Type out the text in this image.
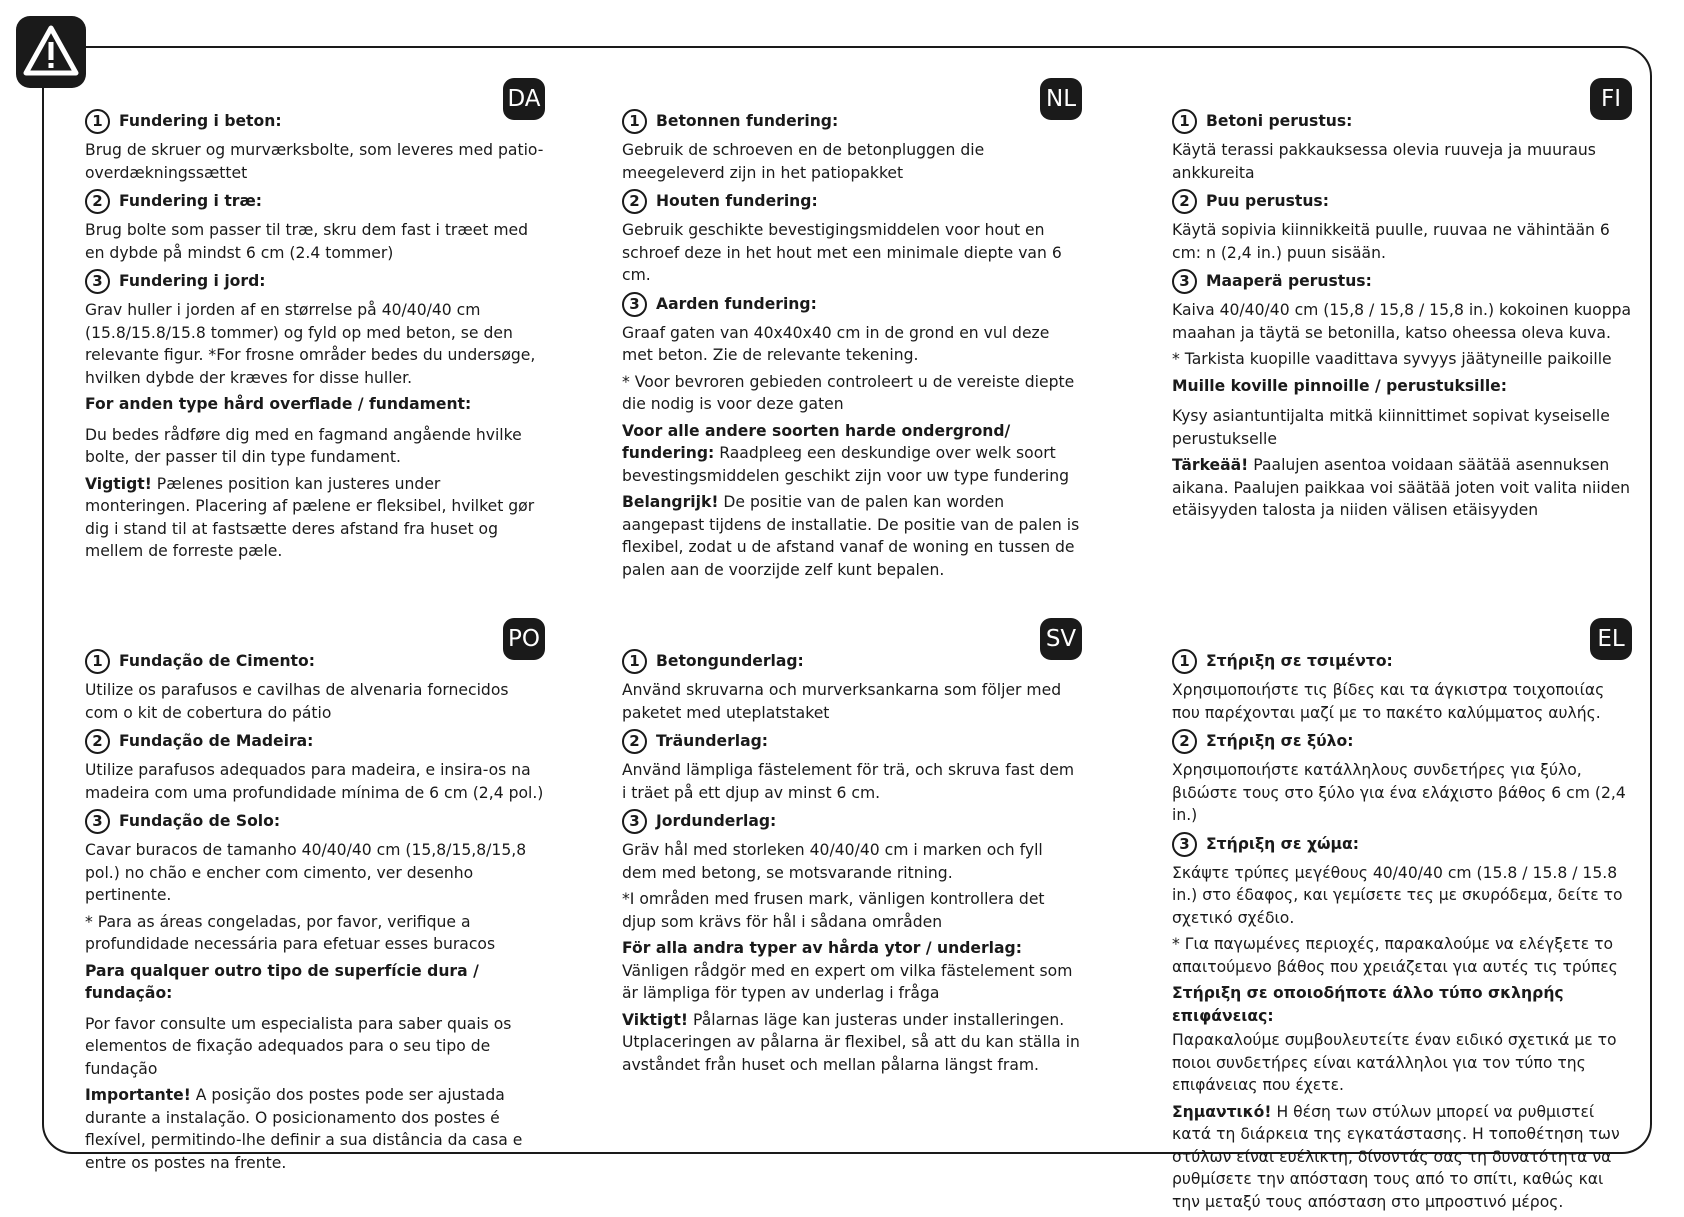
DA
1	Fundering i beton:
Brug de skruer og murværksbolte, som leveres med patio-overdækningssættet
2	Fundering i træ:
Brug bolte som passer til træ, skru dem fast i træet med en dybde på mindst 6 cm (2.4 tommer)
3	Fundering i jord:
Grav huller i jorden af en størrelse på 40/40/40 cm (15.8/15.8/15.8 tommer) og fyld op med beton, se den relevante figur. *For frosne områder bedes du undersøge, hvilken dybde der kræves for disse huller.
For anden type hård overflade / fundament:
Du bedes rådføre dig med en fagmand angående hvilke bolte, der passer til din type fundament.
Vigtigt! Pælenes position kan justeres under monteringen. Placering af pælene er fleksibel, hvilket gør dig i stand til at fastsætte deres afstand fra huset og mellem de forreste pæle.
NL
1	Betonnen fundering:
Gebruik de schroeven en de betonpluggen die meegeleverd zijn in het patiopakket
2	Houten fundering:
Gebruik geschikte bevestigingsmiddelen voor hout en schroef deze in het hout met een minimale diepte van 6 cm.
3	Aarden fundering:
Graaf gaten van 40x40x40 cm in de grond en vul deze met beton. Zie de relevante tekening.
* Voor bevroren gebieden controleert u de vereiste diepte die nodig is voor deze gaten
Voor alle andere soorten harde ondergrond/ fundering: Raadpleeg een deskundige over welk soort bevestingsmiddelen geschikt zijn voor uw type fundering
Belangrijk! De positie van de palen kan worden aangepast tijdens de installatie. De positie van de palen is flexibel, zodat u de afstand vanaf de woning en tussen de palen aan de voorzijde zelf kunt bepalen.
FI
1	Betoni perustus:
Käytä terassi pakkauksessa olevia ruuveja ja muuraus ankkureita
2	Puu perustus:
Käytä sopivia kiinnikkeitä puulle, ruuvaa ne vähintään 6 cm: n (2,4 in.) puun sisään.
3	Maaperä perustus:
Kaiva 40/40/40 cm (15,8 / 15,8 / 15,8 in.) kokoinen kuoppa maahan ja täytä se betonilla, katso oheessa oleva kuva.
* Tarkista kuopille vaadittava syvyys jäätyneille paikoille
Muille koville pinnoille / perustuksille:
Kysy asiantuntijalta mitkä kiinnittimet sopivat kyseiselle perustukselle
Tärkeää! Paalujen asentoa voidaan säätää asennuksen aikana. Paalujen paikkaa voi säätää joten voit valita niiden etäisyyden talosta ja niiden välisen etäisyyden
PO
1	Fundação de Cimento:
Utilize os parafusos e cavilhas de alvenaria fornecidos com o kit de cobertura do pátio
2	Fundação de Madeira:
Utilize parafusos adequados para madeira, e insira-os na madeira com uma profundidade mínima de 6 cm (2,4 pol.)
3	Fundação de Solo:
Cavar buracos de tamanho 40/40/40 cm (15,8/15,8/15,8 pol.) no chão e encher com cimento, ver desenho pertinente.
* Para as áreas congeladas, por favor, verifique a profundidade necessária para efetuar esses buracos
Para qualquer outro tipo de superfície dura / fundação:
Por favor consulte um especialista para saber quais os elementos de fixação adequados para o seu tipo de fundação
Importante! A posição dos postes pode ser ajustada durante a instalação. O posicionamento dos postes é flexível, permitindo-lhe definir a sua distância da casa e entre os postes na frente.
SV
1	Betongunderlag:
Använd skruvarna och murverksankarna som följer med paketet med uteplatstaket
2	Träunderlag:
Använd lämpliga fästelement för trä, och skruva fast dem i träet på ett djup av minst 6 cm.
3	Jordunderlag:
Gräv hål med storleken 40/40/40 cm i marken och fyll dem med betong, se motsvarande ritning.
*I områden med frusen mark, vänligen kontrollera det djup som krävs för hål i sådana områden
För alla andra typer av hårda ytor / underlag: Vänligen rådgör med en expert om vilka fästelement som är lämpliga för typen av underlag i fråga
Viktigt! Pålarnas läge kan justeras under installeringen. Utplaceringen av pålarna är flexibel, så att du kan ställa in avståndet från huset och mellan pålarna längst fram.
EL
1	Στήριξη σε τσιμέντο:
Χρησιμοποιήστε τις βίδες και τα άγκιστρα τοιχοποιίας που παρέχονται μαζί με το πακέτο καλύμματος αυλής.
2	Στήριξη σε ξύλο:
Χρησιμοποιήστε κατάλληλους συνδετήρες για ξύλο, βιδώστε τους στο ξύλο για ένα ελάχιστο βάθος 6 cm (2,4 in.)
3	Στήριξη σε χώμα:
Σκάψτε τρύπες μεγέθους 40/40/40 cm (15.8 / 15.8 / 15.8 in.) στο έδαφος, και γεμίσετε τες με σκυρόδεμα, δείτε το σχετικό σχέδιο.
* Για παγωμένες περιοχές, παρακαλούμε να ελέγξετε το απαιτούμενο βάθος που χρειάζεται για αυτές τις τρύπες
Στήριξη σε οποιοδήποτε άλλο τύπο σκληρής επιφάνειας:
Παρακαλούμε συμβουλευτείτε έναν ειδικό σχετικά με το ποιοι συνδετήρες είναι κατάλληλοι για τον τύπο της επιφάνειας που έχετε.
Σημαντικό! Η θέση των στύλων μπορεί να ρυθμιστεί κατά τη διάρκεια της εγκατάστασης. Η τοποθέτηση των στύλων είναι ευέλικτη, δίνοντάς σας τη δυνατότητα να ρυθμίσετε την απόσταση τους από το σπίτι, καθώς και την μεταξύ τους απόσταση στο μπροστινό μέρος.
